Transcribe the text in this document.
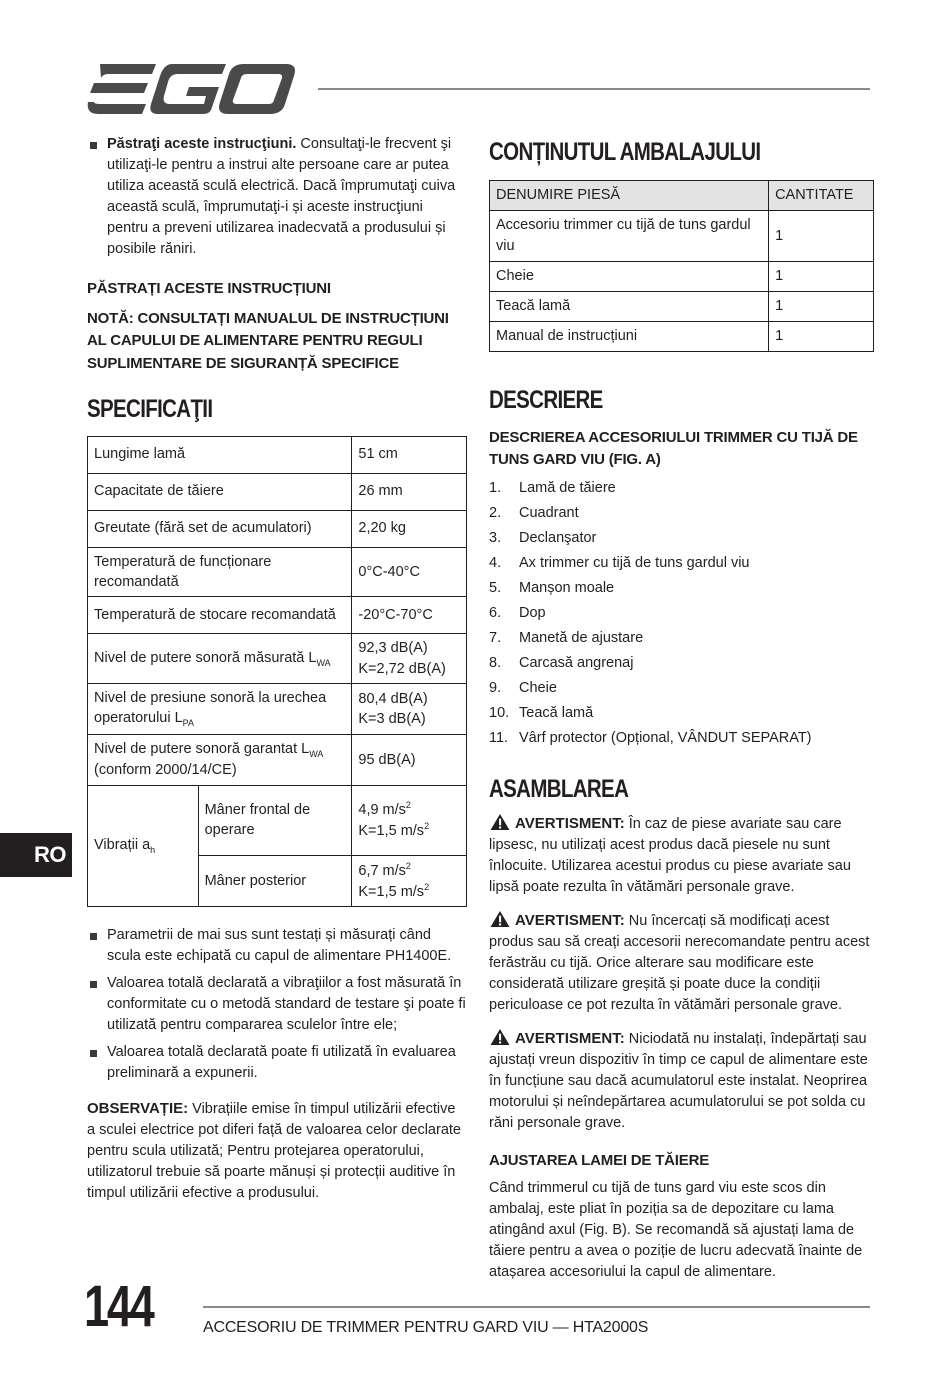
EGO
Păstraţi aceste instrucţiuni. Consultaţi-le frecvent şi utilizaţi-le pentru a instrui alte persoane care ar putea utiliza această sculă electrică. Dacă împrumutaţi cuiva această sculă, împrumutaţi-i și aceste instrucţiuni pentru a preveni utilizarea inadecvată a produsului și posibile răniri.

PĂSTRAȚI ACESTE INSTRUCȚIUNI

NOTĂ: CONSULTAȚI MANUALUL DE INSTRUCȚIUNI AL CAPULUI DE ALIMENTARE PENTRU REGULI SUPLIMENTARE DE SIGURANȚĂ SPECIFICE

SPECIFICAŢII
Lungime lamă		51 cm
Capacitate de tăiere		26 mm
Greutate (fără set de acumulatori)		2,20 kg
Temperatură de funcționare recomandată		0°C-40°C
Temperatură de stocare recomandată		-20°C-70°C
Nivel de putere sonoră măsurată $L_{WA}$		92,3 dB(A)
K=2,72 dB(A)

Nivel de presiune sonoră la urechea operatorului $L_{PA}$		80,4 dB(A)
K=3 dB(A)

Nivel de putere sonoră garantat $L_{WA}$
(conform 2000/14/CE)		95 dB(A)
Vibrații $a_h$	Mâner frontal de operare	4,9 $m/s^2$
K=1,5 $m/s^2$

	Mâner posterior	6,7 $m/s^2$
K=1,5 $m/s^2$
Parametrii de mai sus sunt testați și măsurați când scula este echipată cu capul de alimentare PH1400E.
Valoarea totală declarată a vibraţiilor a fost măsurată în conformitate cu o metodă standard de testare şi poate fi utilizată pentru compararea sculelor între ele;
Valoarea totală declarată poate fi utilizată în evaluarea preliminară a expunerii.

OBSERVAȚIE: Vibrațiile emise în timpul utilizării efective a sculei electrice pot diferi față de valoarea celor declarate pentru scula utilizată; Pentru protejarea operatorului, utilizatorul trebuie să poarte mănuși și protecții auditive în timpul utilizării efective a produsului.

CONȚINUTUL AMBALAJULUI
DENUMIRE PIESĂ	CANTITATE
Accesoriu trimmer cu tijă de tuns gardul viu	1
Cheie	1
Teacă lamă	1
Manual de instrucțiuni	1
DESCRIERE

DESCRIEREA ACCESORIULUI TRIMMER CU TIJĂ DE TUNS GARD VIU (FIG. A)

1.	Lamă de tăiere
2.	Cuadrant
3.	Declanşator
4.	Ax trimmer cu tijă de tuns gardul viu
5.	Manșon moale
6.	Dop
7.	Manetă de ajustare
8.	Carcasă angrenaj
9.	Cheie
10. Teacă lamă
11. Vârf protector (Opțional, VÂNDUT SEPARAT)
ASAMBLAREA

AVERTISMENT: În caz de piese avariate sau care lipsesc, nu utilizați acest produs dacă piesele nu sunt înlocuite. Utilizarea acestui produs cu piese avariate sau lipsă poate rezulta în vătămări personale grave.

AVERTISMENT: Nu încercați să modificați acest produs sau să creați accesorii nerecomandate pentru acest ferăstrău cu tijă. Orice alterare sau modificare este considerată utilizare greșită și poate duce la condiții periculoase ce pot rezulta în vătămări personale grave.

AVERTISMENT: Niciodată nu instalați, îndepărtați sau ajustați vreun dispozitiv în timp ce capul de alimentare este în funcțiune sau dacă acumulatorul este instalat. Neoprirea motorului și neîndepărtarea acumulatorului se pot solda cu răni personale grave.

AJUSTAREA LAMEI DE TĂIERE

Când trimmerul cu tijă de tuns gard viu este scos din ambalaj, este pliat în poziția sa de depozitare cu lama atingând axul (Fig. B). Se recomandă să ajustați lama de tăiere pentru a avea o poziție de lucru adecvată înainte de atașarea accesoriului la capul de alimentare.

RO
144	ACCESORIU DE TRIMMER PENTRU GARD VIU — HTA2000S
